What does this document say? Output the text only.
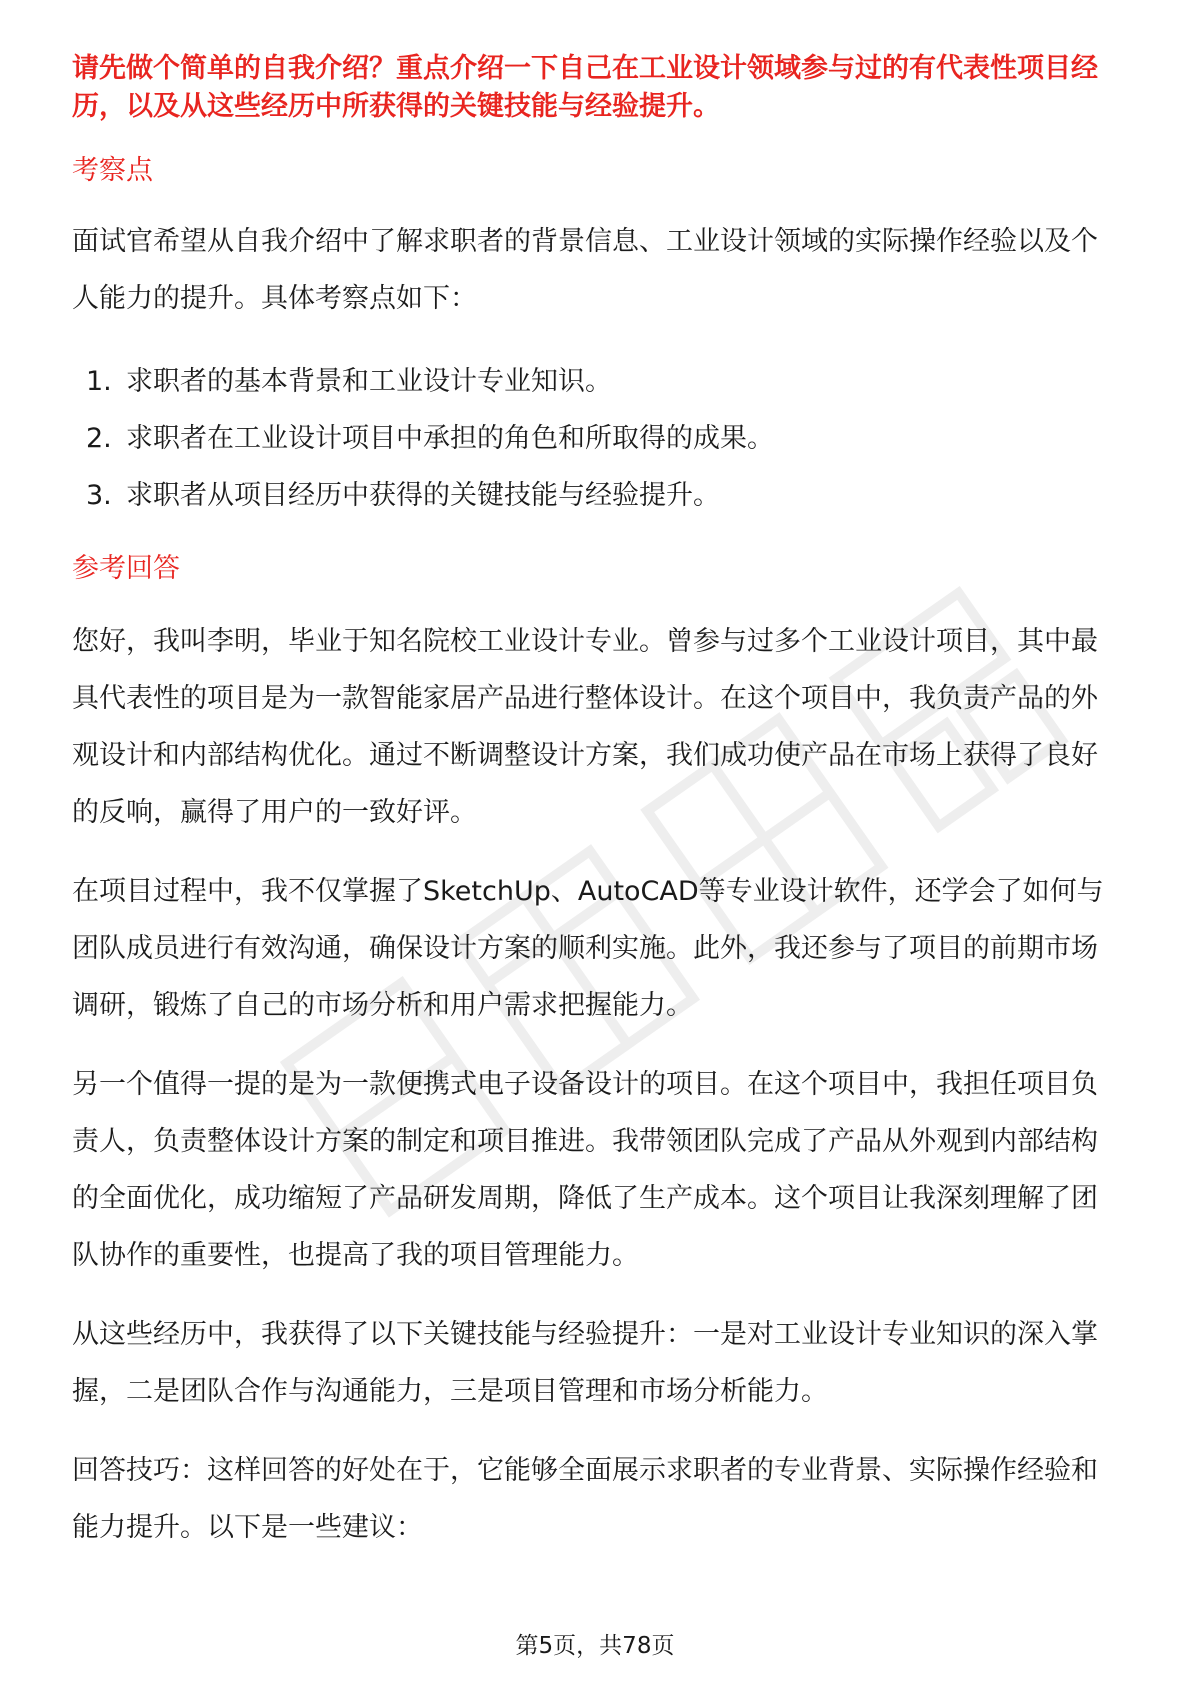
请先做个简单的自我介绍？重点介绍一下自己在工业设计领域参与过的有代表性项目经历，以及从这些经历中所获得的关键技能与经验提升。

考察点

面试官希望从自我介绍中了解求职者的背景信息、工业设计领域的实际操作经验以及个人能力的提升。具体考察点如下：

1. 求职者的基本背景和工业设计专业知识。
2. 求职者在工业设计项目中承担的角色和所取得的成果。
3. 求职者从项目经历中获得的关键技能与经验提升。

参考回答

您好，我叫李明，毕业于知名院校工业设计专业。曾参与过多个工业设计项目，其中最具代表性的项目是为一款智能家居产品进行整体设计。在这个项目中，我负责产品的外观设计和内部结构优化。通过不断调整设计方案，我们成功使产品在市场上获得了良好的反响，赢得了用户的一致好评。

在项目过程中，我不仅掌握了SketchUp、AutoCAD等专业设计软件，还学会了如何与团队成员进行有效沟通，确保设计方案的顺利实施。此外，我还参与了项目的前期市场调研，锻炼了自己的市场分析和用户需求把握能力。

另一个值得一提的是为一款便携式电子设备设计的项目。在这个项目中，我担任项目负责人，负责整体设计方案的制定和项目推进。我带领团队完成了产品从外观到内部结构的全面优化，成功缩短了产品研发周期，降低了生产成本。这个项目让我深刻理解了团队协作的重要性，也提高了我的项目管理能力。

从这些经历中，我获得了以下关键技能与经验提升：一是对工业设计专业知识的深入掌握，二是团队合作与沟通能力，三是项目管理和市场分析能力。

回答技巧：这样回答的好处在于，它能够全面展示求职者的专业背景、实际操作经验和能力提升。以下是一些建议：

第5页，共78页
